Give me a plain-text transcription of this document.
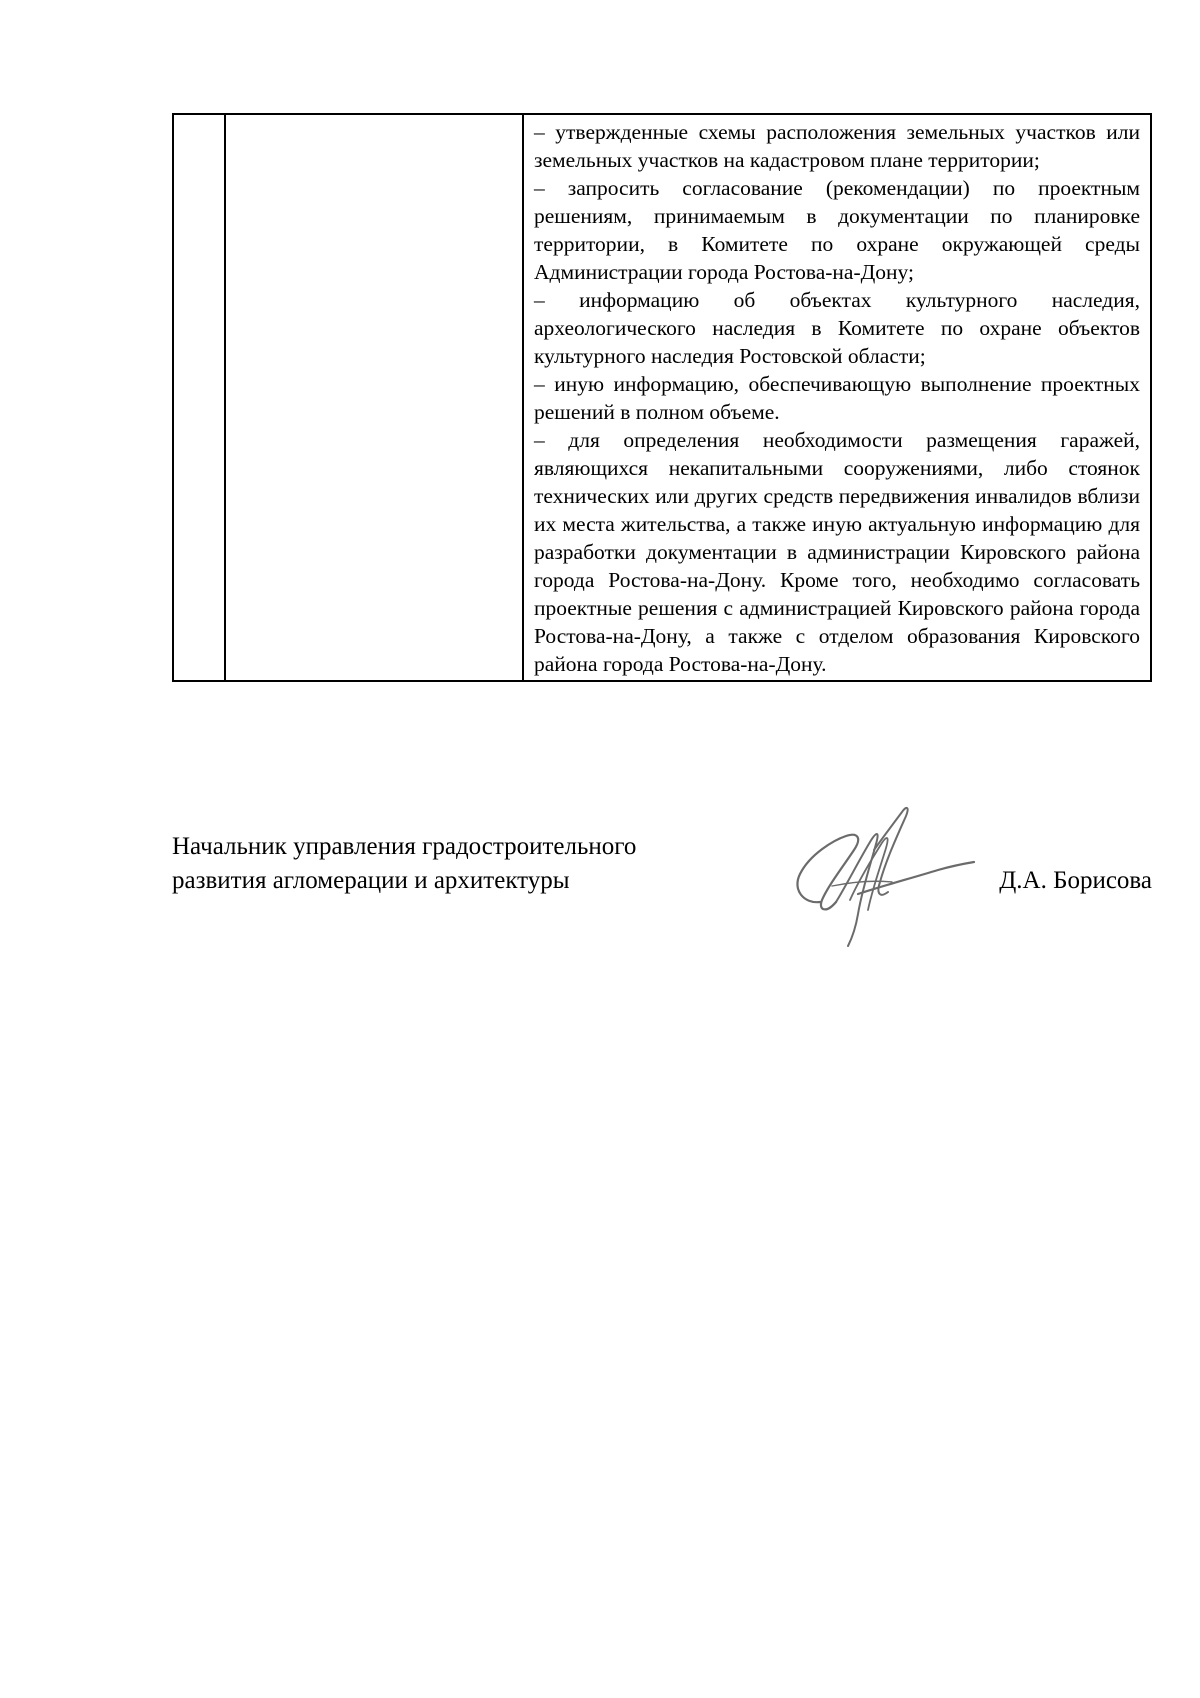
– утвержденные схемы расположения земельных участков или земельных участков на кадастровом плане территории;

– запросить согласование (рекомендации) по проектным решениям, принимаемым в документации по планировке территории, в Комитете по охране окружающей среды Администрации города Ростова-на-Дону;

– информацию об объектах культурного наследия, археологического наследия в Комитете по охране объектов культурного наследия Ростовской области;

– иную информацию, обеспечивающую выполнение проектных решений в полном объеме.

– для определения необходимости размещения гаражей, являющихся некапитальными сооружениями, либо стоянок технических или других средств передвижения инвалидов вблизи их места жительства, а также иную актуальную информацию для разработки документации в администрации Кировского района города Ростова-на-Дону. Кроме того, необходимо согласовать проектные решения с администрацией Кировского района города Ростова-на-Дону, а также с отделом образования Кировского района города Ростова-на-Дону.

Начальник управления градостроительного
развития агломерации и архитектуры	Д.А. Борисова
